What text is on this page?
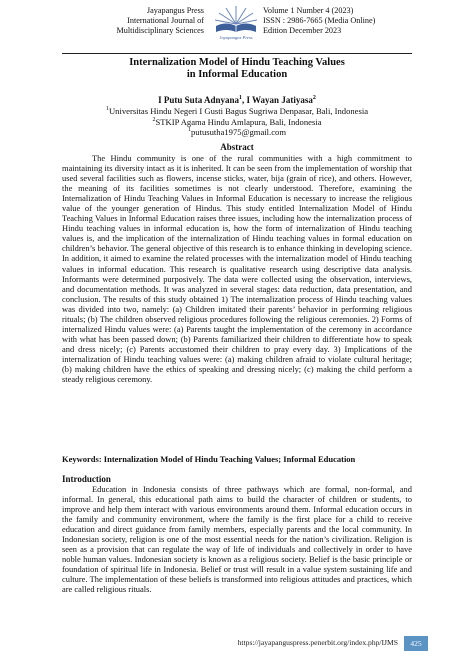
Jayapangus Press
International Journal of
Multidisciplinary Sciences
Jayapangus Press
Volume 1 Number 4 (2023)
ISSN : 2986-7665 (Media Online)
Edition December 2023
Internalization Model of Hindu Teaching Values
in Informal Education
I Putu Suta Adnyana$^1$, I Wayan Jatiyasa$^2$
$^1$Universitas Hindu Negeri I Gusti Bagus Sugriwa Denpasar, Bali, Indonesia
$^2$STKIP Agama Hindu Amlapura, Bali, Indonesia
$^1$putusutha1975@gmail.com
Abstract

The Hindu community is one of the rural communities with a high commitment to maintaining its diversity intact as it is inherited. It can be seen from the implementation of worship that used several facilities such as flowers, incense sticks, water, bija (grain of rice), and others. However, the meaning of its facilities sometimes is not clearly understood. Therefore, examining the Internalization of Hindu Teaching Values in Informal Education is necessary to increase the religious value of the younger generation of Hindus. This study entitled Internalization Model of Hindu Teaching Values in Informal Education raises three issues, including how the internalization process of Hindu teaching values in informal education is, how the form of internalization of Hindu teaching values is, and the implication of the internalization of Hindu teaching values in formal education on children’s behavior. The general objective of this research is to enhance thinking in developing science. In addition, it aimed to examine the related processes with the internalization model of Hindu teaching values in informal education. This research is qualitative research using descriptive data analysis. Informants were determined purposively. The data were collected using the observation, interviews, and documentation methods. It was analyzed in several stages: data reduction, data presentation, and conclusion. The results of this study obtained 1) The internalization process of Hindu teaching values was divided into two, namely: (a) Children imitated their parents’ behavior in performing religious rituals; (b) The children observed religious procedures following the religious ceremonies. 2) Forms of internalized Hindu values were: (a) Parents taught the implementation of the ceremony in accordance with what has been passed down; (b) Parents familiarized their children to differentiate how to speak and dress nicely; (c) Parents accustomed their children to pray every day. 3) Implications of the internalization of Hindu teaching values were: (a) making children afraid to violate cultural heritage; (b) making children have the ethics of speaking and dressing nicely; (c) making the child perform a steady religious ceremony.

Keywords: Internalization Model of Hindu Teaching Values; Informal Education
Introduction

Education in Indonesia consists of three pathways which are formal, non-formal, and informal. In general, this educational path aims to build the character of children or students, to improve and help them interact with various environments around them. Informal education occurs in the family and community environment, where the family is the first place for a child to receive education and direct guidance from family members, especially parents and the local community. In Indonesian society, religion is one of the most essential needs for the nation’s civilization. Religion is seen as a provision that can regulate the way of life of individuals and collectively in order to have noble human values. Indonesian society is known as a religious society. Belief is the basic principle or foundation of spiritual life in Indonesia. Belief or trust will result in a value system sustaining life and culture. The implementation of these beliefs is transformed into religious attitudes and practices, which are called religious rituals.

https://jayapanguspress.penerbit.org/index.php/IJMS	425
